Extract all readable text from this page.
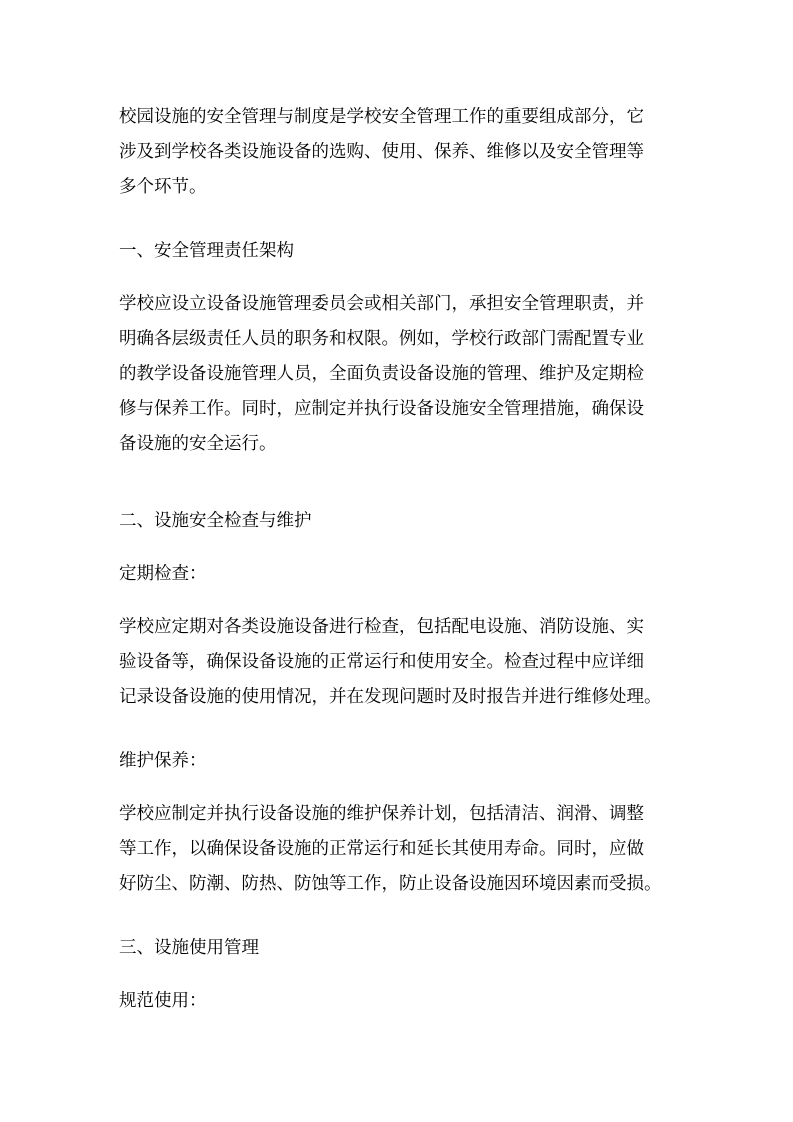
校园设施的安全管理与制度是学校安全管理工作的重要组成部分，它
涉及到学校各类设施设备的选购、使用、保养、维修以及安全管理等
多个环节。
一、安全管理责任架构
学校应设立设备设施管理委员会或相关部门，承担安全管理职责，并
明确各层级责任人员的职务和权限。例如，学校行政部门需配置专业
的教学设备设施管理人员，全面负责设备设施的管理、维护及定期检
修与保养工作。同时，应制定并执行设备设施安全管理措施，确保设
备设施的安全运行。
二、设施安全检查与维护
定期检查：
学校应定期对各类设施设备进行检查，包括配电设施、消防设施、实
验设备等，确保设备设施的正常运行和使用安全。检查过程中应详细
记录设备设施的使用情况，并在发现问题时及时报告并进行维修处理。
维护保养：
学校应制定并执行设备设施的维护保养计划，包括清洁、润滑、调整
等工作，以确保设备设施的正常运行和延长其使用寿命。同时，应做
好防尘、防潮、防热、防蚀等工作，防止设备设施因环境因素而受损。
三、设施使用管理
规范使用：
